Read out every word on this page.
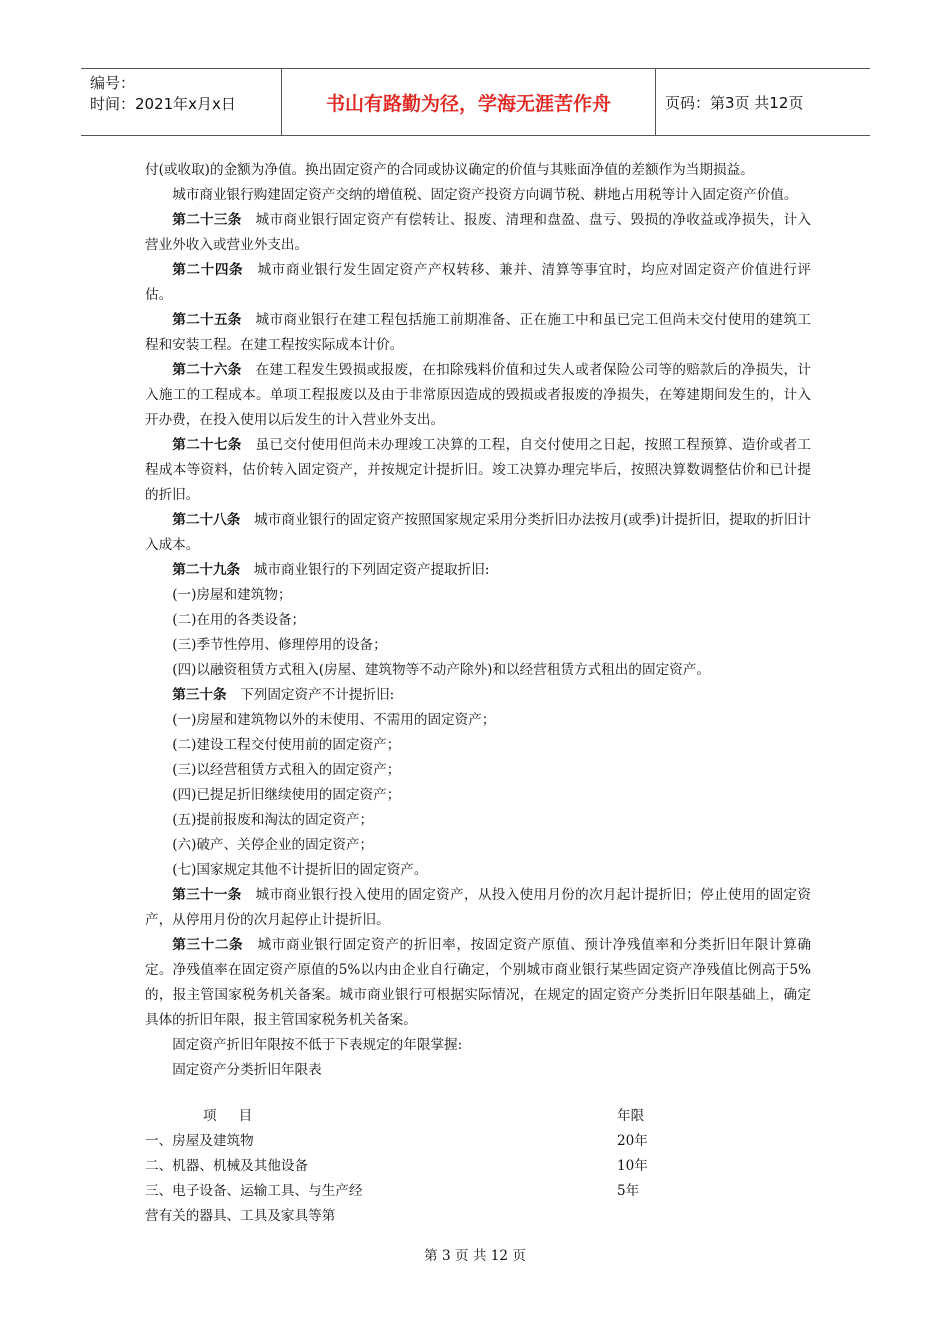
编号：
时间：2021年x月x日	书山有路勤为径，学海无涯苦作舟	页码：第3页 共12页

付(或收取)的金额为净值。换出固定资产的合同或协议确定的价值与其账面净值的差额作为当期损益。

城市商业银行购建固定资产交纳的增值税、固定资产投资方向调节税、耕地占用税等计入固定资产价值。

第二十三条 城市商业银行固定资产有偿转让、报废、清理和盘盈、盘亏、毁损的净收益或净损失，计入营业外收入或营业外支出。

第二十四条 城市商业银行发生固定资产产权转移、兼并、清算等事宜时，均应对固定资产价值进行评估。

第二十五条 城市商业银行在建工程包括施工前期准备、正在施工中和虽已完工但尚未交付使用的建筑工程和安装工程。在建工程按实际成本计价。

第二十六条 在建工程发生毁损或报废，在扣除残料价值和过失人或者保险公司等的赔款后的净损失，计入施工的工程成本。单项工程报废以及由于非常原因造成的毁损或者报废的净损失，在筹建期间发生的，计入开办费，在投入使用以后发生的计入营业外支出。

第二十七条 虽已交付使用但尚未办理竣工决算的工程，自交付使用之日起，按照工程预算、造价或者工程成本等资料，估价转入固定资产，并按规定计提折旧。竣工决算办理完毕后，按照决算数调整估价和已计提的折旧。

第二十八条 城市商业银行的固定资产按照国家规定采用分类折旧办法按月(或季)计提折旧，提取的折旧计入成本。

第二十九条 城市商业银行的下列固定资产提取折旧:

(一)房屋和建筑物；

(二)在用的各类设备；

(三)季节性停用、修理停用的设备；

(四)以融资租赁方式租入(房屋、建筑物等不动产除外)和以经营租赁方式租出的固定资产。

第三十条 下列固定资产不计提折旧:

(一)房屋和建筑物以外的未使用、不需用的固定资产；

(二)建设工程交付使用前的固定资产；

(三)以经营租赁方式租入的固定资产；

(四)已提足折旧继续使用的固定资产；

(五)提前报废和淘汰的固定资产；

(六)破产、关停企业的固定资产；

(七)国家规定其他不计提折旧的固定资产。

第三十一条 城市商业银行投入使用的固定资产，从投入使用月份的次月起计提折旧；停止使用的固定资产，从停用月份的次月起停止计提折旧。

第三十二条 城市商业银行固定资产的折旧率，按固定资产原值、预计净残值率和分类折旧年限计算确定。净残值率在固定资产原值的5%以内由企业自行确定，个别城市商业银行某些固定资产净残值比例高于5%的，报主管国家税务机关备案。城市商业银行可根据实际情况，在规定的固定资产分类折旧年限基础上，确定具体的折旧年限，报主管国家税务机关备案。

固定资产折旧年限按不低于下表规定的年限掌握:

固定资产分类折旧年限表

项 目	年限
一、房屋及建筑物	20年
二、机器、机械及其他设备	10年
三、电子设备、运输工具、与生产经	5年
营有关的器具、工具及家具等第
第 3 页 共 12 页
